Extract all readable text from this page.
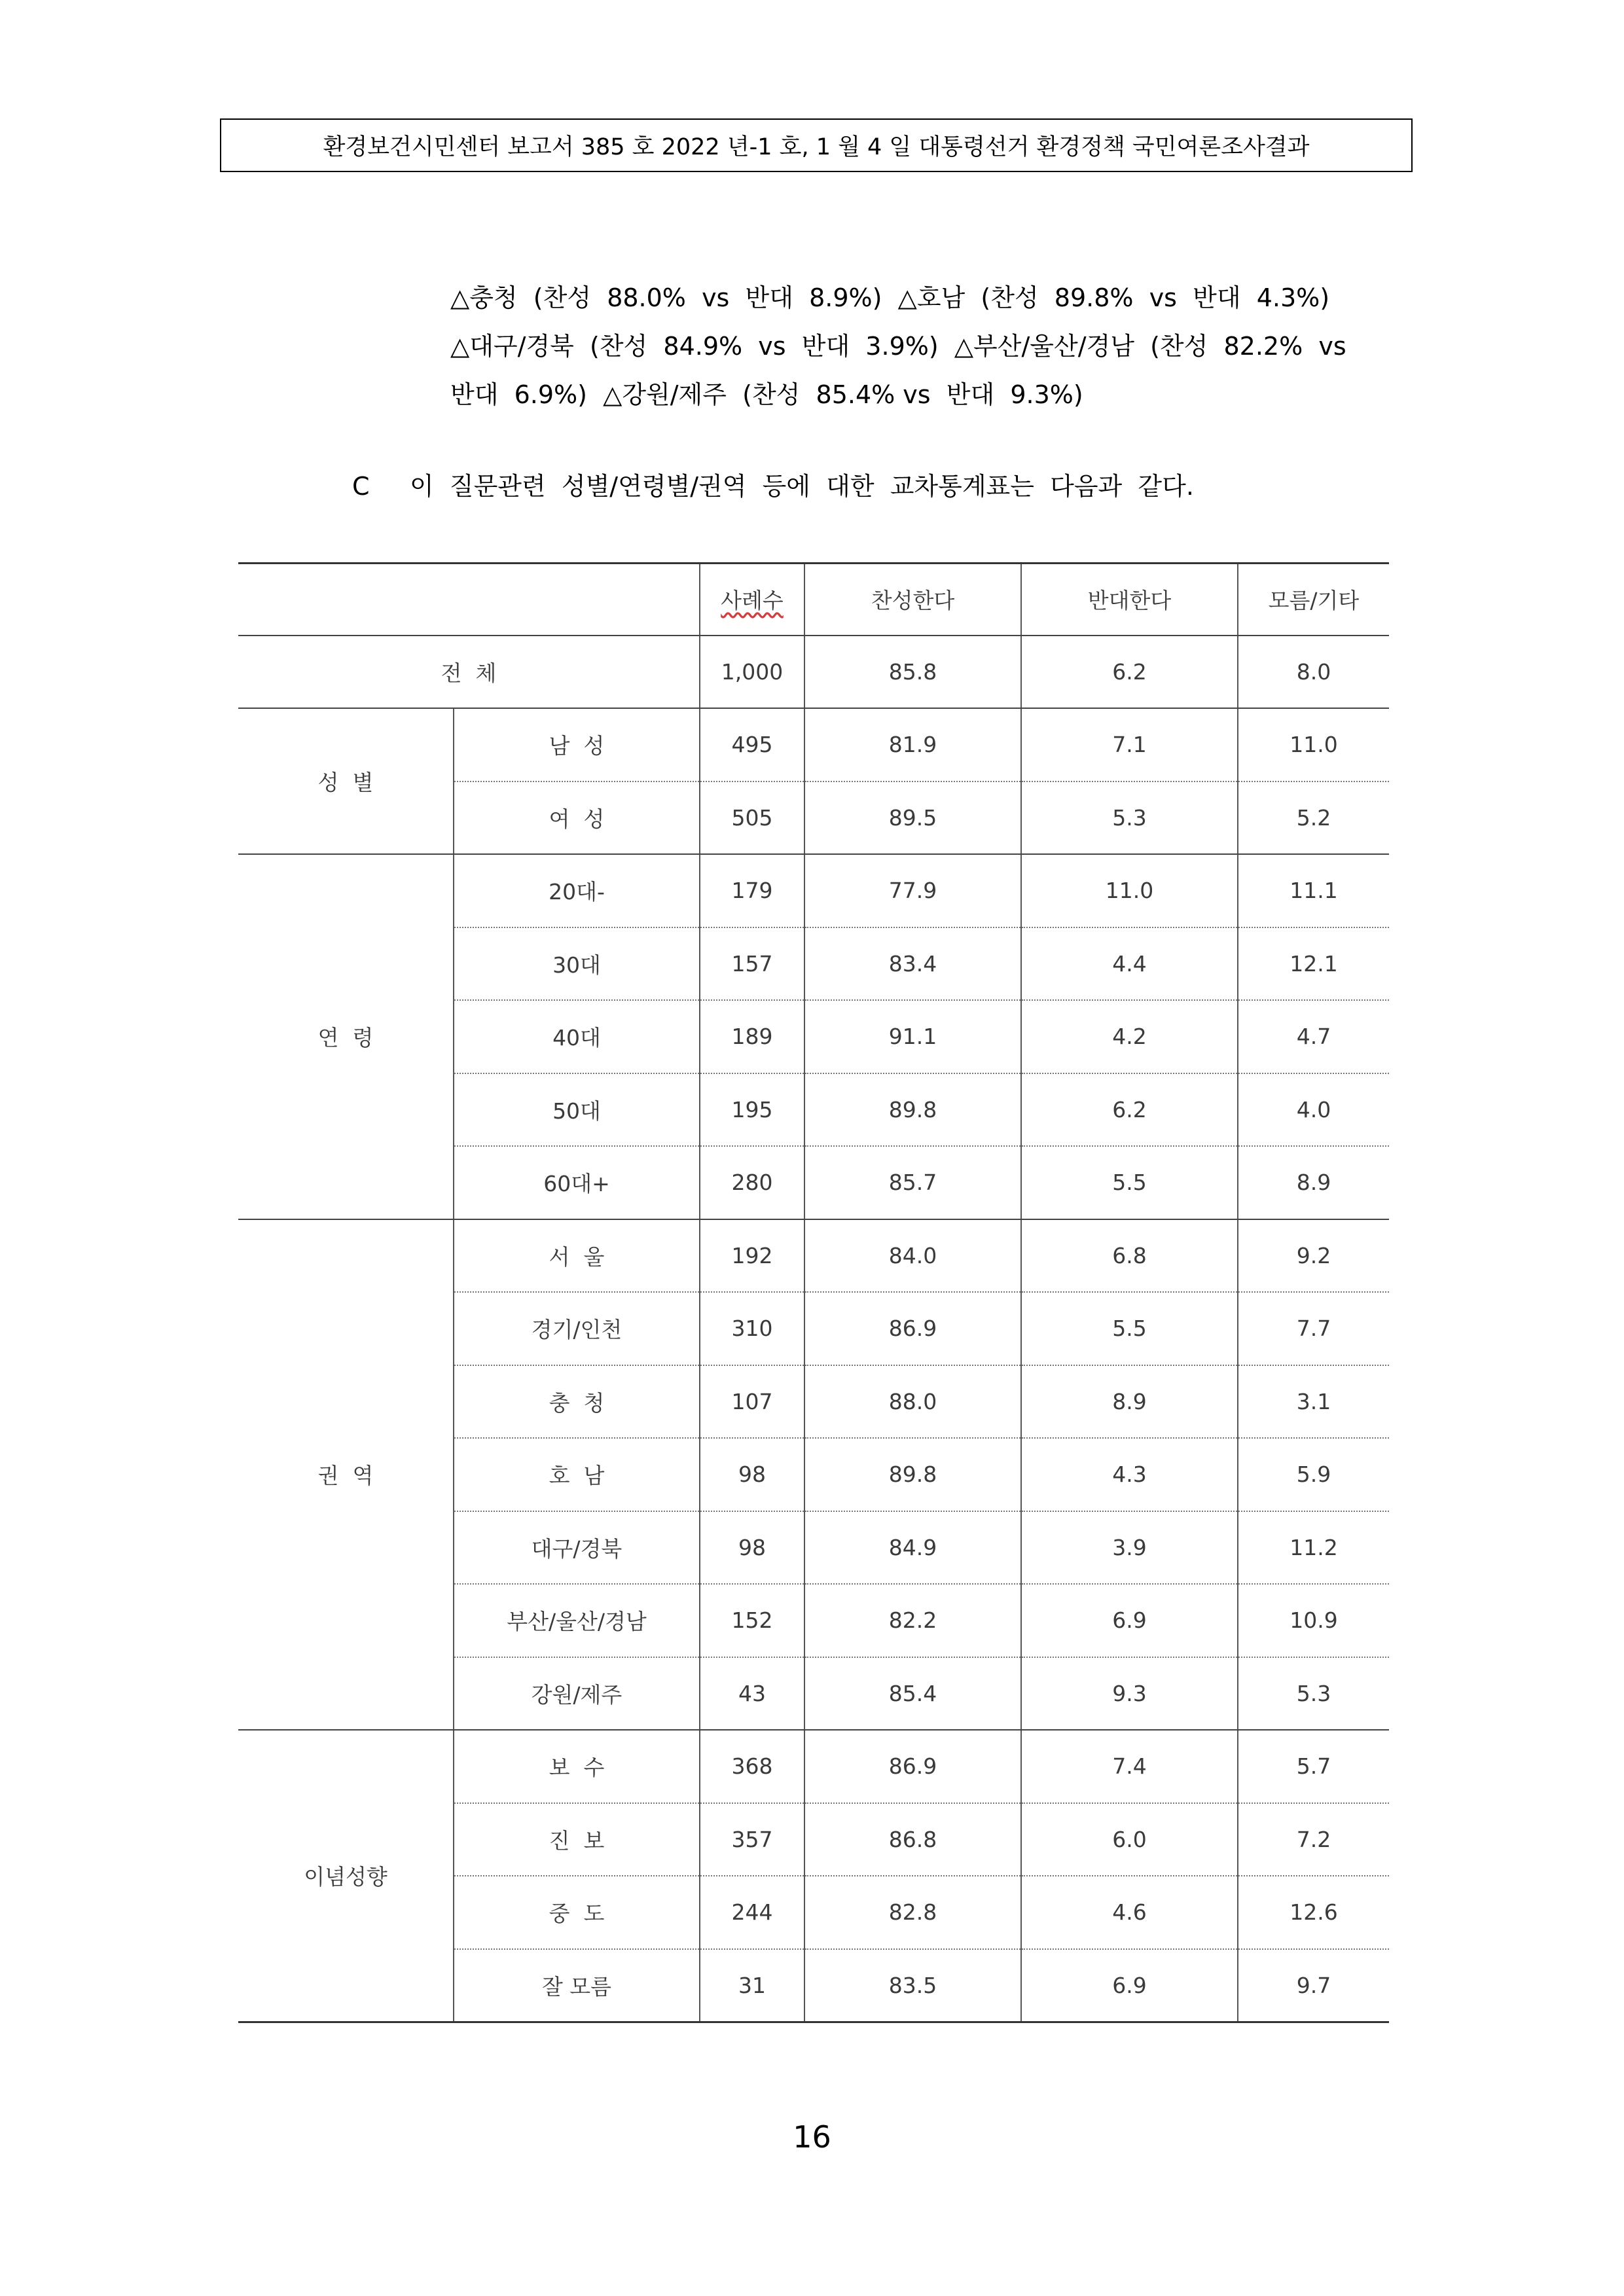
환경보건시민센터 보고서 385 호 2022 년-1 호, 1 월 4 일 대통령선거 환경정책 국민여론조사결과
△충청  (찬성  88.0%  vs  반대  8.9%)  △호남  (찬성  89.8%  vs  반대  4.3%)
△대구/경북  (찬성  84.9%  vs  반대  3.9%)  △부산/울산/경남  (찬성  82.2%  vs
반대  6.9%)  △강원/제주  (찬성  85.4% vs  반대  9.3%)
C	이  질문관련  성별/연령별/권역  등에  대한  교차통계표는  다음과  같다.
		사례수	찬성한다	반대한다	모름/기타
전  체		1,000	85.8	6.2	8.0
성  별	남  성	495	81.9	7.1	11.0
	여  성	505	89.5	5.3	5.2
연  령	20대-	179	77.9	11.0	11.1
	30대	157	83.4	4.4	12.1
	40대	189	91.1	4.2	4.7
	50대	195	89.8	6.2	4.0
	60대+	280	85.7	5.5	8.9
권  역	서  울	192	84.0	6.8	9.2
	경기/인천	310	86.9	5.5	7.7
	충  청	107	88.0	8.9	3.1
	호  남	98	89.8	4.3	5.9
	대구/경북	98	84.9	3.9	11.2
	부산/울산/경남	152	82.2	6.9	10.9
	강원/제주	43	85.4	9.3	5.3
이념성향	보  수	368	86.9	7.4	5.7
	진  보	357	86.8	6.0	7.2
	중  도	244	82.8	4.6	12.6
	잘 모름	31	83.5	6.9	9.7
16
